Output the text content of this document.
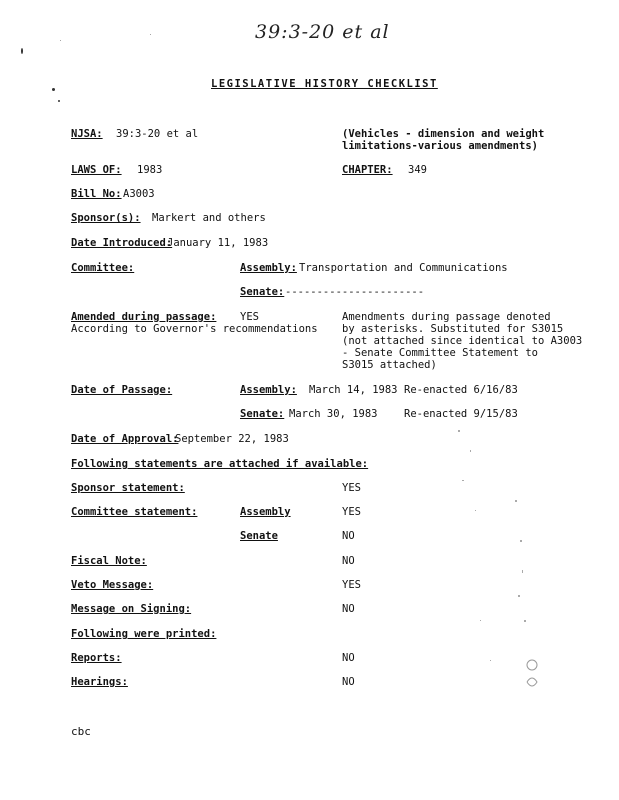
39:3-20 et al
LEGISLATIVE HISTORY CHECKLIST
NJSA: 39:3-20 et al	(Vehicles - dimension and weight
limitations-various amendments)
LAWS OF: 1983	CHAPTER: 349
Bill No: A3003
Sponsor(s): Markert and others
Date Introduced:
January 11, 1983
Committee:	Assembly: Transportation and Communications
Senate: ----------------------
Amended during passage: YES
According to Governor's recommendations
Amendments during passage denoted
by asterisks. Substituted for S3015
(not attached since identical to A3003
- Senate Committee Statement to
S3015 attached)
Date of Passage:	Assembly: March 14, 1983 Re-enacted 6/16/83
Senate: March 30, 1983	Re-enacted 9/15/83
Date of Approval:
September 22, 1983
Following statements are attached if available:
Sponsor statement:	YES
Committee statement:	Assembly	YES
Senate	NO
Fiscal Note:	NO
Veto Message:	YES
Message on Signing:	NO
Following were printed:
Reports:	NO
Hearings:	NO
cbc
